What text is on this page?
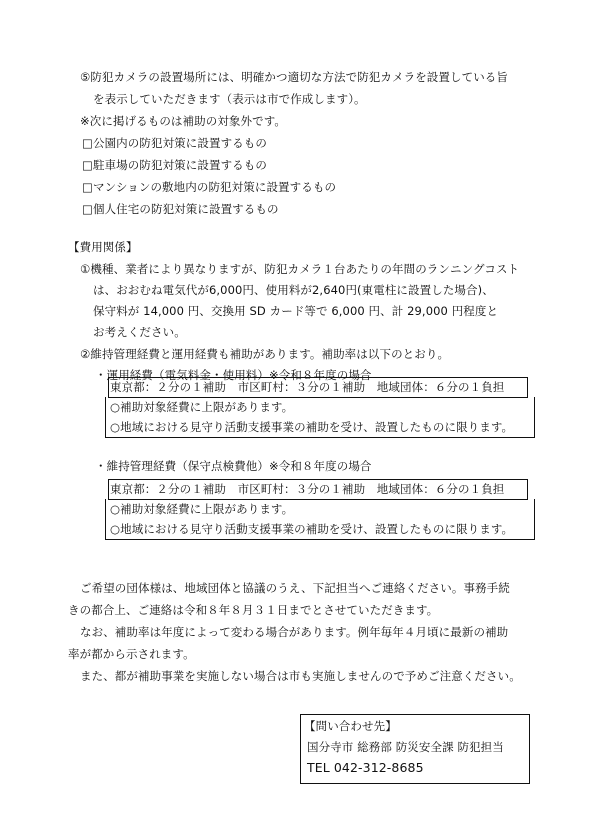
⑤防犯カメラの設置場所には、明確かつ適切な方法で防犯カメラを設置している旨
を表示していただきます（表示は市で作成します）。
※次に掲げるものは補助の対象外です。
□公園内の防犯対策に設置するもの
□駐車場の防犯対策に設置するもの
□マンションの敷地内の防犯対策に設置するもの
□個人住宅の防犯対策に設置するもの
【費用関係】
①機種、業者により異なりますが、防犯カメラ１台あたりの年間のランニングコスト
は、おおむね電気代が6,000円、使用料が2,640円(東電柱に設置した場合)、
保守料が 14,000 円、交換用 SD カード等で 6,000 円、計 29,000 円程度と
お考えください。
②維持管理経費と運用経費も補助があります。補助率は以下のとおり。
・運用経費（電気料金・使用料）※令和８年度の場合
東京都：２分の１補助　市区町村：３分の１補助　地域団体：６分の１負担
○補助対象経費に上限があります。
○地域における見守り活動支援事業の補助を受け、設置したものに限ります。
・維持管理経費（保守点検費他）※令和８年度の場合
東京都：２分の１補助　市区町村：３分の１補助　地域団体：６分の１負担
○補助対象経費に上限があります。
○地域における見守り活動支援事業の補助を受け、設置したものに限ります。
ご希望の団体様は、地域団体と協議のうえ、下記担当へご連絡ください。事務手続
きの都合上、ご連絡は令和８年８月３１日までとさせていただきます。
なお、補助率は年度によって変わる場合があります。例年毎年４月頃に最新の補助
率が都から示されます。
また、都が補助事業を実施しない場合は市も実施しませんので予めご注意ください。
【問い合わせ先】
国分寺市 総務部 防災安全課 防犯担当
TEL 042-312-8685
